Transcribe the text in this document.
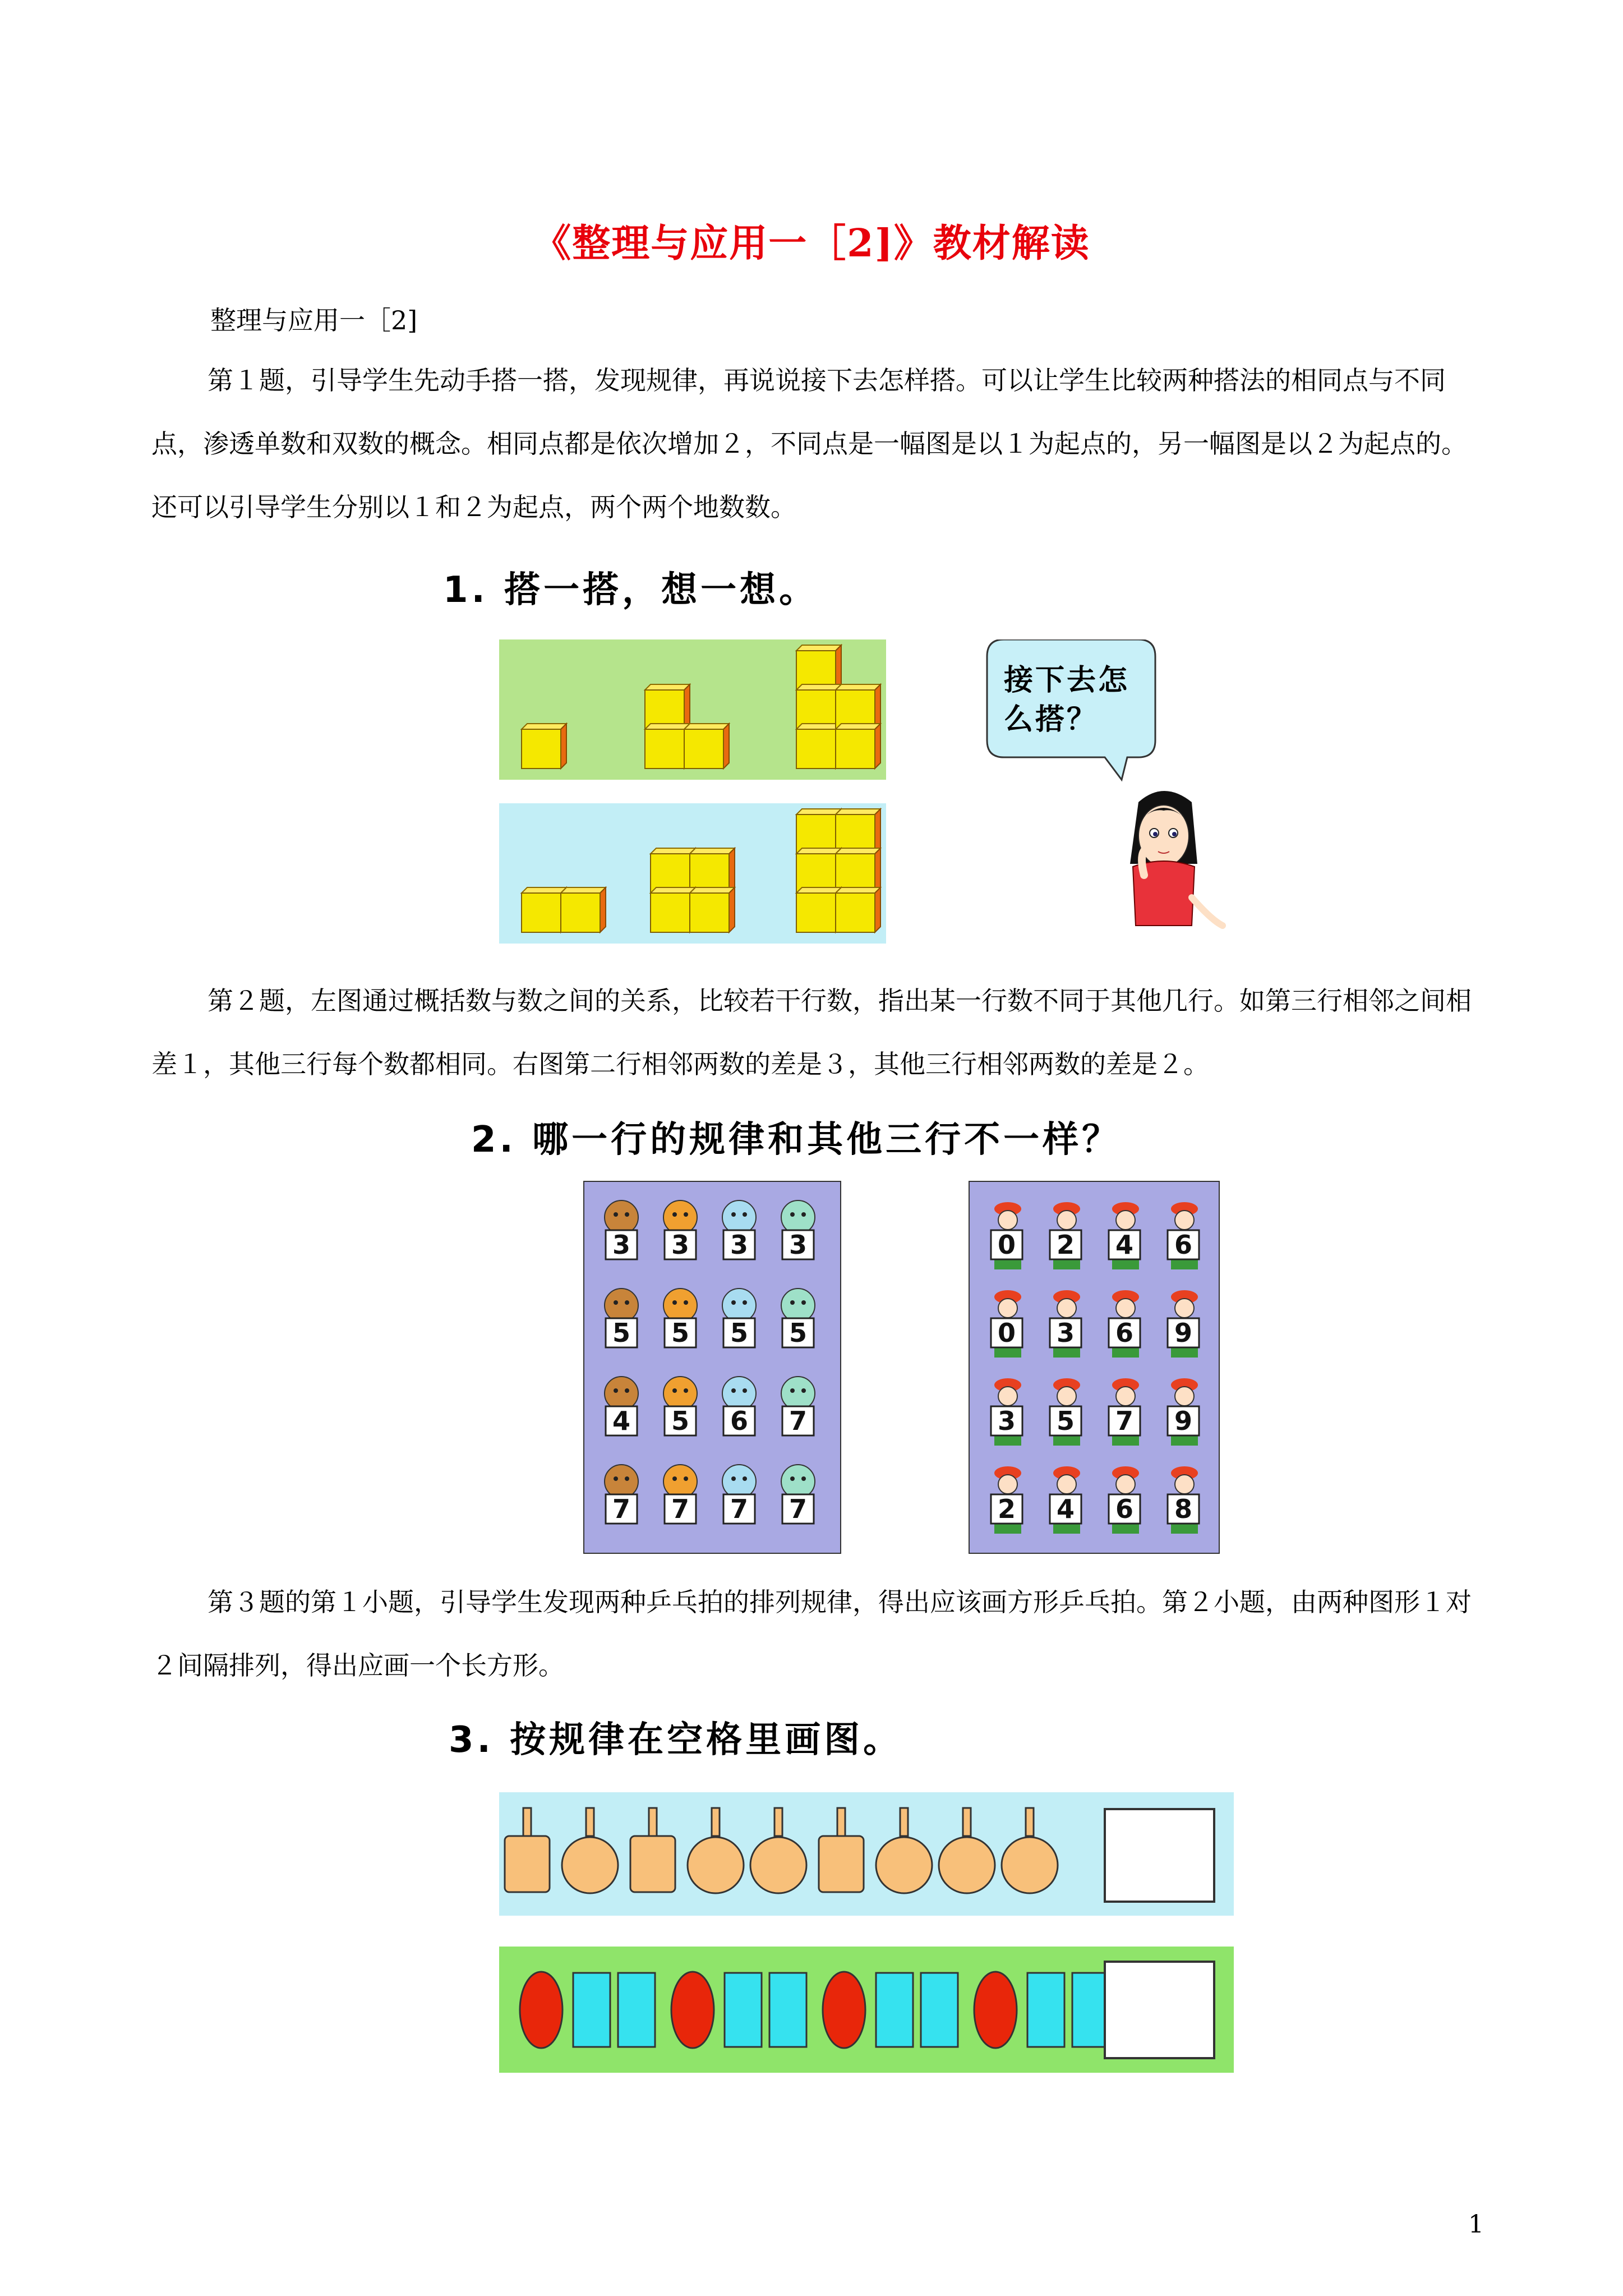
《整理与应用一［2]》教材解读
整理与应用一［2]
第１题，引导学生先动手搭一搭，发现规律，再说说接下去怎样搭。可以让学生比较两种搭法的相同点与不同点，渗透单数和双数的概念。相同点都是依次增加２，不同点是一幅图是以１为起点的，另一幅图是以２为起点的。还可以引导学生分别以１和２为起点，两个两个地数数。
1. 搭一搭，想一想。
接下去怎
么搭？
第２题，左图通过概括数与数之间的关系，比较若干行数，指出某一行数不同于其他几行。如第三行相邻之间相差１，其他三行每个数都相同。右图第二行相邻两数的差是３，其他三行相邻两数的差是２。
2. 哪一行的规律和其他三行不一样？
3 3 3 3
5 5 5 5
4 5 6 7
7 7 7 7
0 2 4 6
0 3 6 9
3 5 7 9
2 4 6 8
第３题的第１小题，引导学生发现两种乒乓拍的排列规律，得出应该画方形乒乓拍。第２小题，由两种图形１对２间隔排列，得出应画一个长方形。
3. 按规律在空格里画图。
1
